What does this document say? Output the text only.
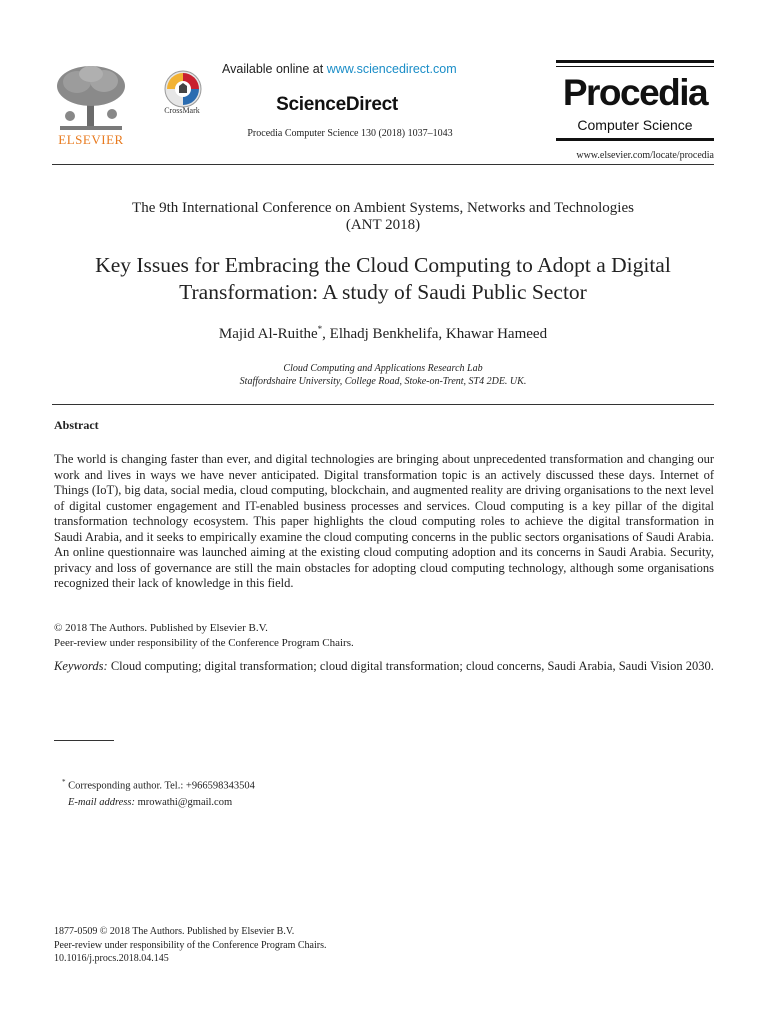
ELSEVIER
CrossMark
Available online at www.sciencedirect.com
ScienceDirect
Procedia Computer Science 130 (2018) 1037–1043
Procedia
Computer Science
www.elsevier.com/locate/procedia
The 9th International Conference on Ambient Systems, Networks and Technologies
(ANT 2018)
Key Issues for Embracing the Cloud Computing to Adopt a Digital
Transformation: A study of Saudi Public Sector
Majid Al-Ruithe*, Elhadj Benkhelifa, Khawar Hameed
Cloud Computing and Applications Research Lab
Staffordshaire University, College Road, Stoke-on-Trent, ST4 2DE. UK.
Abstract
The world is changing faster than ever, and digital technologies are bringing about unprecedented transformation and changing our work and lives in ways we have never anticipated. Digital transformation topic is an actively discussed these days. Internet of Things (IoT), big data, social media, cloud computing, blockchain, and augmented reality are driving organisations to the next level of digital customer engagement and IT-enabled business processes and services. Cloud computing is a key pillar of the digital transformation technology ecosystem. This paper highlights the cloud computing roles to achieve the digital transformation in Saudi Arabia, and it seeks to empirically examine the cloud computing concerns in the public sectors organisations of Saudi Arabia. An online questionnaire was launched aiming at the existing cloud computing adoption and its concerns in Saudi Arabia. Security, privacy and loss of governance are still the main obstacles for adopting cloud computing technology, although some organisations recognized their lack of knowledge in this field.
© 2018 The Authors. Published by Elsevier B.V.
Peer-review under responsibility of the Conference Program Chairs.
Keywords: Cloud computing; digital transformation; cloud digital transformation; cloud concerns, Saudi Arabia, Saudi Vision 2030.
* Corresponding author. Tel.: +966598343504
E-mail address: mrowathi@gmail.com
1877-0509 © 2018 The Authors. Published by Elsevier B.V.
Peer-review under responsibility of the Conference Program Chairs.
10.1016/j.procs.2018.04.145
